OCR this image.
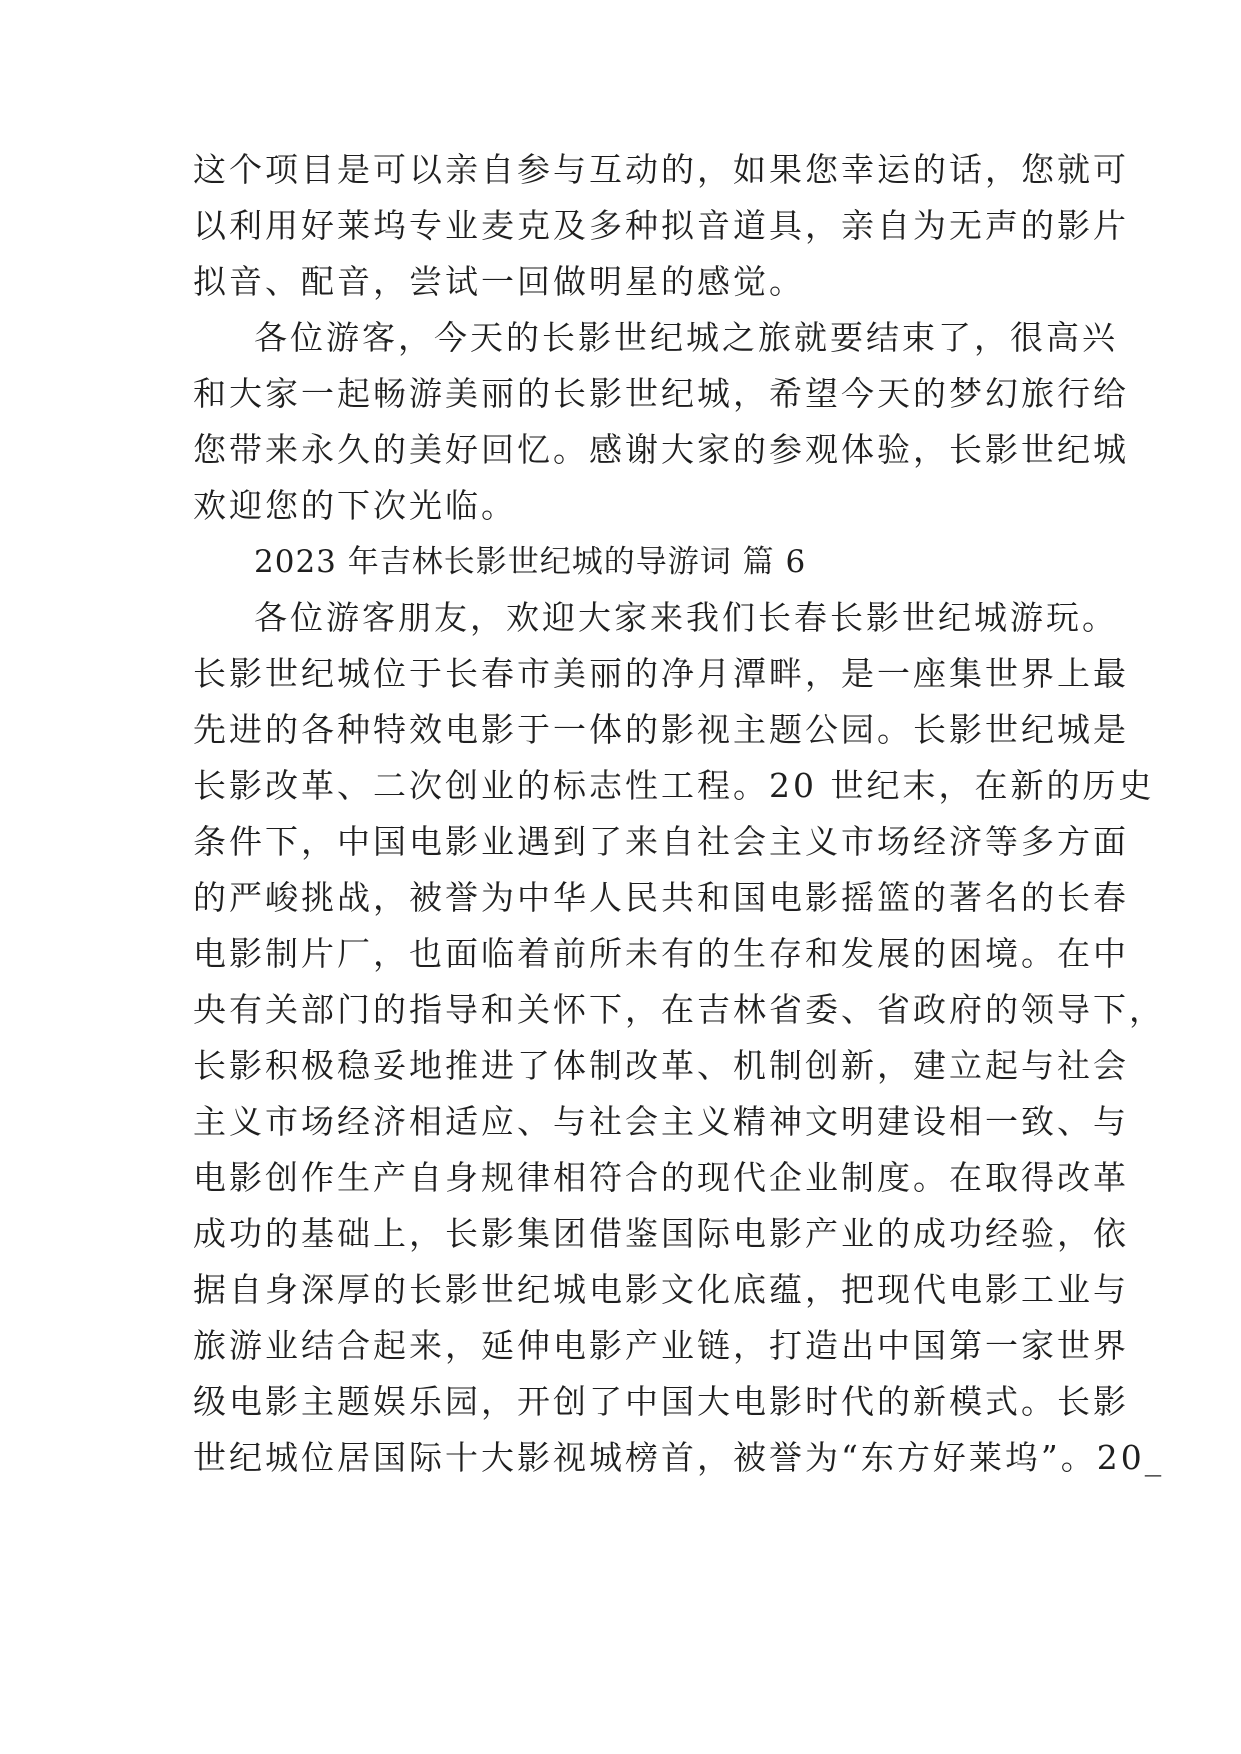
这个项目是可以亲自参与互动的，如果您幸运的话，您就可
以利用好莱坞专业麦克及多种拟音道具，亲自为无声的影片
拟音、配音，尝试一回做明星的感觉。
各位游客，今天的长影世纪城之旅就要结束了，很高兴
和大家一起畅游美丽的长影世纪城，希望今天的梦幻旅行给
您带来永久的美好回忆。感谢大家的参观体验，长影世纪城
欢迎您的下次光临。
2023 年吉林长影世纪城的导游词 篇 6
各位游客朋友，欢迎大家来我们长春长影世纪城游玩。
长影世纪城位于长春市美丽的净月潭畔，是一座集世界上最
先进的各种特效电影于一体的影视主题公园。长影世纪城是
长影改革、二次创业的标志性工程。20 世纪末，在新的历史
条件下，中国电影业遇到了来自社会主义市场经济等多方面
的严峻挑战，被誉为中华人民共和国电影摇篮的著名的长春
电影制片厂，也面临着前所未有的生存和发展的困境。在中
央有关部门的指导和关怀下，在吉林省委、省政府的领导下，
长影积极稳妥地推进了体制改革、机制创新，建立起与社会
主义市场经济相适应、与社会主义精神文明建设相一致、与
电影创作生产自身规律相符合的现代企业制度。在取得改革
成功的基础上，长影集团借鉴国际电影产业的成功经验，依
据自身深厚的长影世纪城电影文化底蕴，把现代电影工业与
旅游业结合起来，延伸电影产业链，打造出中国第一家世界
级电影主题娱乐园，开创了中国大电影时代的新模式。长影
世纪城位居国际十大影视城榜首，被誉为“东方好莱坞”。20_
